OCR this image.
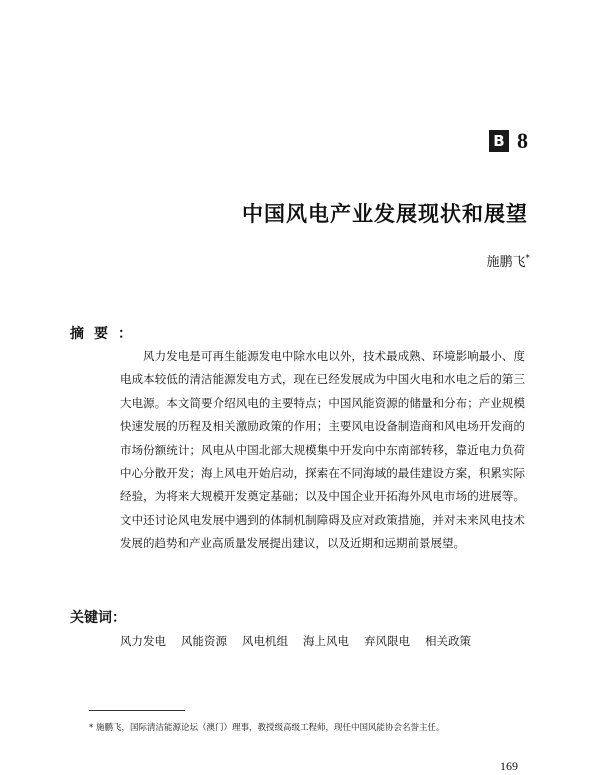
B 8
中国风电产业发展现状和展望
施鹏飞*
摘要：

风力发电是可再生能源发电中除水电以外，技术最成熟、环境影响最小、度电成本较低的清洁能源发电方式，现在已经发展成为中国火电和水电之后的第三大电源。本文简要介绍风电的主要特点；中国风能资源的储量和分布；产业规模快速发展的历程及相关激励政策的作用；主要风电设备制造商和风电场开发商的市场份额统计；风电从中国北部大规模集中开发向中东南部转移，靠近电力负荷中心分散开发；海上风电开始启动，探索在不同海域的最佳建设方案，积累实际经验，为将来大规模开发奠定基础；以及中国企业开拓海外风电市场的进展等。文中还讨论风电发展中遇到的体制机制障碍及应对政策措施，并对未来风电技术发展的趋势和产业高质量发展提出建议，以及近期和远期前景展望。

关键词：
风力发电 风能资源 风电机组 海上风电 弃风限电 相关政策

* 施鹏飞，国际清洁能源论坛（澳门）理事，教授级高级工程师，现任中国风能协会名誉主任。

169
